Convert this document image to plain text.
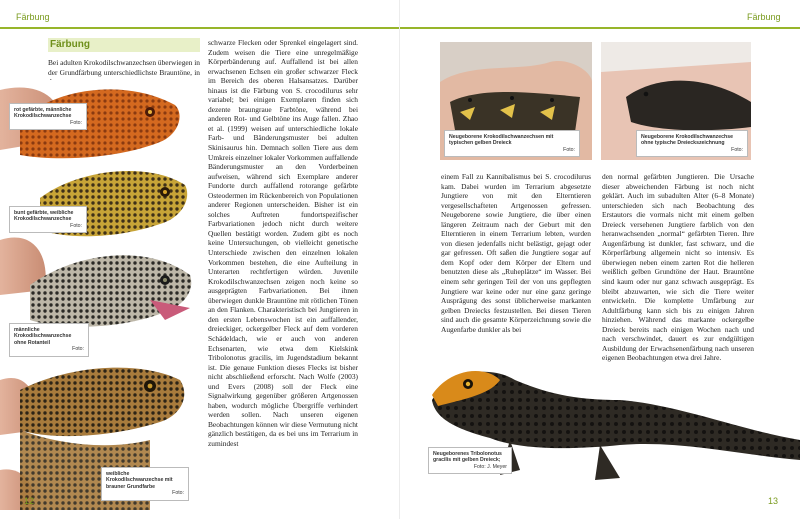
Färbung
Färbung
Bei adulten Krokodilschwanzechsen überwiegen in der Grundfärbung unterschiedlichste Brauntöne, in
rot gefärbte, männliche Krokodilschwanzechse
Foto:
bunt gefärbte, weibliche Krokodilschwanzechse
Foto:
männliche Krokodilschwanzechse ohne Rotanteil
Foto:
weibliche Krokodilschwanzechse mit brauner Grundfarbe
Foto:
schwarze Flecken oder Sprenkel eingelagert sind. Zudem weisen die Tiere eine unregelmäßige Körperbänderung auf. Auffallend ist bei allen erwachsenen Echsen ein großer schwarzer Fleck im Bereich des oberen Halsansatzes. Darüber hinaus ist die Färbung von S. crocodilurus sehr variabel; bei einigen Exemplaren finden sich dezente braungraue Farbtöne, während bei anderen Rot- und Gelbtöne ins Auge fallen. Zhao et al. (1999) weisen auf unterschiedliche lokale Farb- und Bänderungsmuster bei adulten Skinisaurus hin. Demnach sollen Tiere aus dem Umkreis einzelner lokaler Vorkommen auffallende Bänderungsmuster an den Vorderbeinen aufweisen, während sich Exemplare anderer Fundorte durch auffallend rotorange gefärbte Osteodermen im Rückenbereich von Populationen anderer Regionen unterscheiden. Bisher ist ein solches Auftreten fundortspezifischer Farbvariationen jedoch nicht durch weitere Quellen bestätigt worden. Zudem gibt es noch keine Untersuchungen, ob vielleicht genetische Unterschiede zwischen den einzelnen lokalen Vorkommen bestehen, die eine Aufteilung in Unterarten rechtfertigen würden. Juvenile Krokodilschwanzechsen zeigen noch keine so ausgeprägten Farbvariationen. Bei ihnen überwiegen dunkle Brauntöne mit rötlichen Tönen an den Flanken. Charakteristisch bei Jungtieren in den ersten Lebenswochen ist ein auffallender, dreieckiger, ockergelber Fleck auf dem vorderen Schädeldach, wie er auch von anderen Echsenarten, wie etwa dem Kielskink Tribolonotus gracilis, im Jugendstadium bekannt ist. Die genaue Funktion dieses Flecks ist bisher nicht abschließend erforscht. Nach Wolfe (2003) und Evers (2008) soll der Fleck eine Signalwirkung gegenüber größeren Artgenossen haben, wodurch mögliche Übergriffe verhindert werden sollen. Nach unseren eigenen Beobachtungen können wir diese Vermutung nicht gänzlich bestätigen, da es bei uns im Terrarium in zumindest
12
Färbung
Neugeborene Krokodilschwanzechsen mit typischen gelben Dreieck
Foto:
Neugeborene Krokodilschwanzechse ohne typische Dreieckszeichnung
Foto:
einem Fall zu Kannibalismus bei S. crocodilurus kam. Dabei wurden im Terrarium abgesetzte Jungtiere von mit den Elterntieren vergesellschafteten Artgenossen gefressen. Neugeborene sowie Jungtiere, die über einen längeren Zeitraum nach der Geburt mit den Elterntieren in einem Terrarium lebten, wurden von diesen jedenfalls nicht belästigt, gejagt oder gar gefressen. Oft saßen die Jungtiere sogar auf dem Kopf oder dem Körper der Eltern und benutzten diese als „Ruheplätze“ im Wasser. Bei einem sehr geringen Teil der von uns gepflegten Jungtiere war keine oder nur eine ganz geringe Ausprägung des sonst üblicherweise markanten gelben Dreiecks festzustellen. Bei diesen Tieren sind auch die gesamte Körperzeichnung sowie die Augenfarbe dunkler als bei
den normal gefärbten Jungtieren. Die Ursache dieser abweichenden Färbung ist noch nicht geklärt. Auch im subadulten Alter (6–8 Monate) unterschieden sich nach Beobachtung des Erstautors die vormals nicht mit einem gelben Dreieck versehenen Jungtiere farblich von den heranwachsenden „normal“ gefärbten Tieren. Ihre Augenfärbung ist dunkler, fast schwarz, und die Körperfärbung allgemein nicht so intensiv. Es überwiegen neben einem zarten Rot die helleren weißlich gelben Grundtöne der Haut. Brauntöne sind kaum oder nur ganz schwach ausgeprägt. Es bleibt abzuwarten, wie sich die Tiere weiter entwickeln. Die komplette Umfärbung zur Adultfärbung kann sich bis zu einigen Jahren hinziehen. Während das markante ockergelbe Dreieck bereits nach einigen Wochen nach und nach verschwindet, dauert es zur endgültigen Ausbildung der Erwachsenenfärbung nach unseren eigenen Beobachtungen etwa drei Jahre.
Neugeborenes Tribolonotus gracilis mit gelben Dreieck;
Foto: J. Meyer
13
